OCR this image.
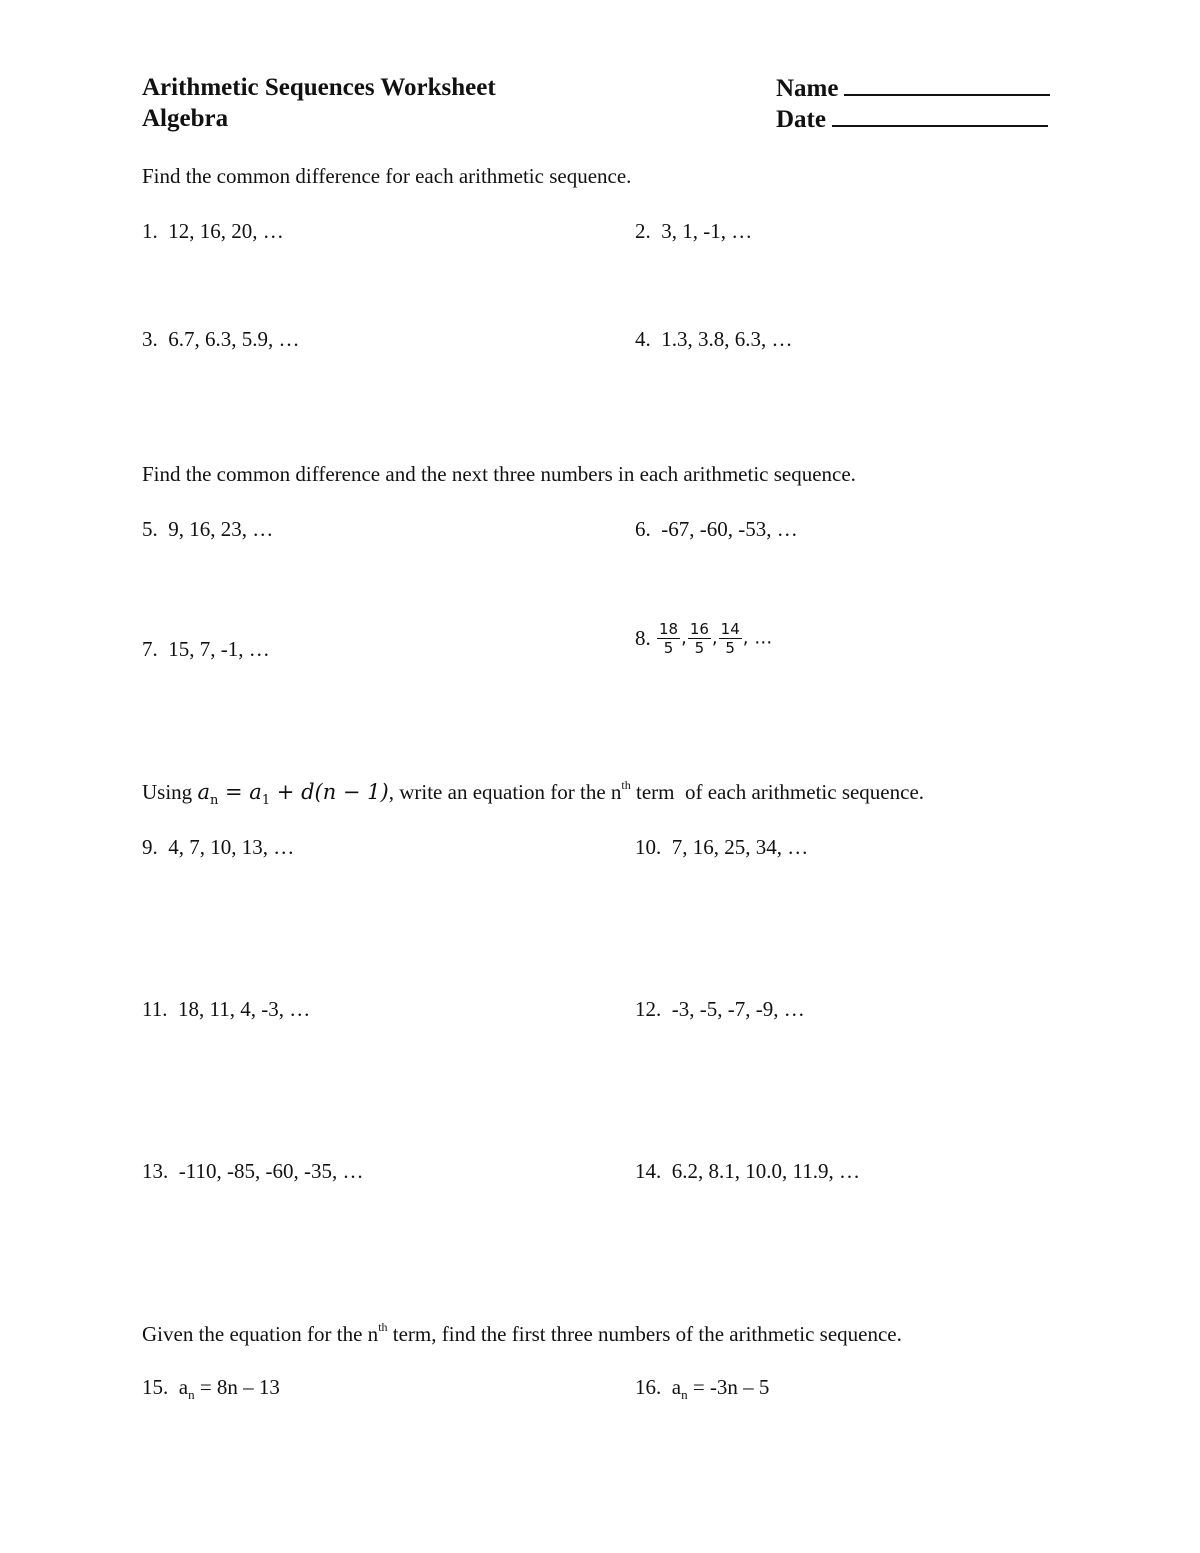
Arithmetic Sequences Worksheet
Algebra
Name
Date
Find the common difference for each arithmetic sequence.
1. 12, 16, 20, …	2. 3, 1, -1, …
3. 6.7, 6.3, 5.9, …	4. 1.3, 3.8, 6.3, …
Find the common difference and the next three numbers in each arithmetic sequence.
5. 9, 16, 23, …	6. -67, -60, -53, …
7. 15, 7, -1, …	8. $\frac{18}{5}$ , $\frac{16}{5}$ , $\frac{14}{5}$ , …
Using $a_n = a_1 + d(n - 1)$, write an equation for the $n^{th}$ term  of each arithmetic sequence.
9. 4, 7, 10, 13, …	10. 7, 16, 25, 34, …
11. 18, 11, 4, -3, …	12. -3, -5, -7, -9, …
13. -110, -85, -60, -35, …	14. 6.2, 8.1, 10.0, 11.9, …
Given the equation for the $n^{th}$ term, find the first three numbers of the arithmetic sequence.
15. $a_n = 8n - 13$	16. $a_n = -3n - 5$
